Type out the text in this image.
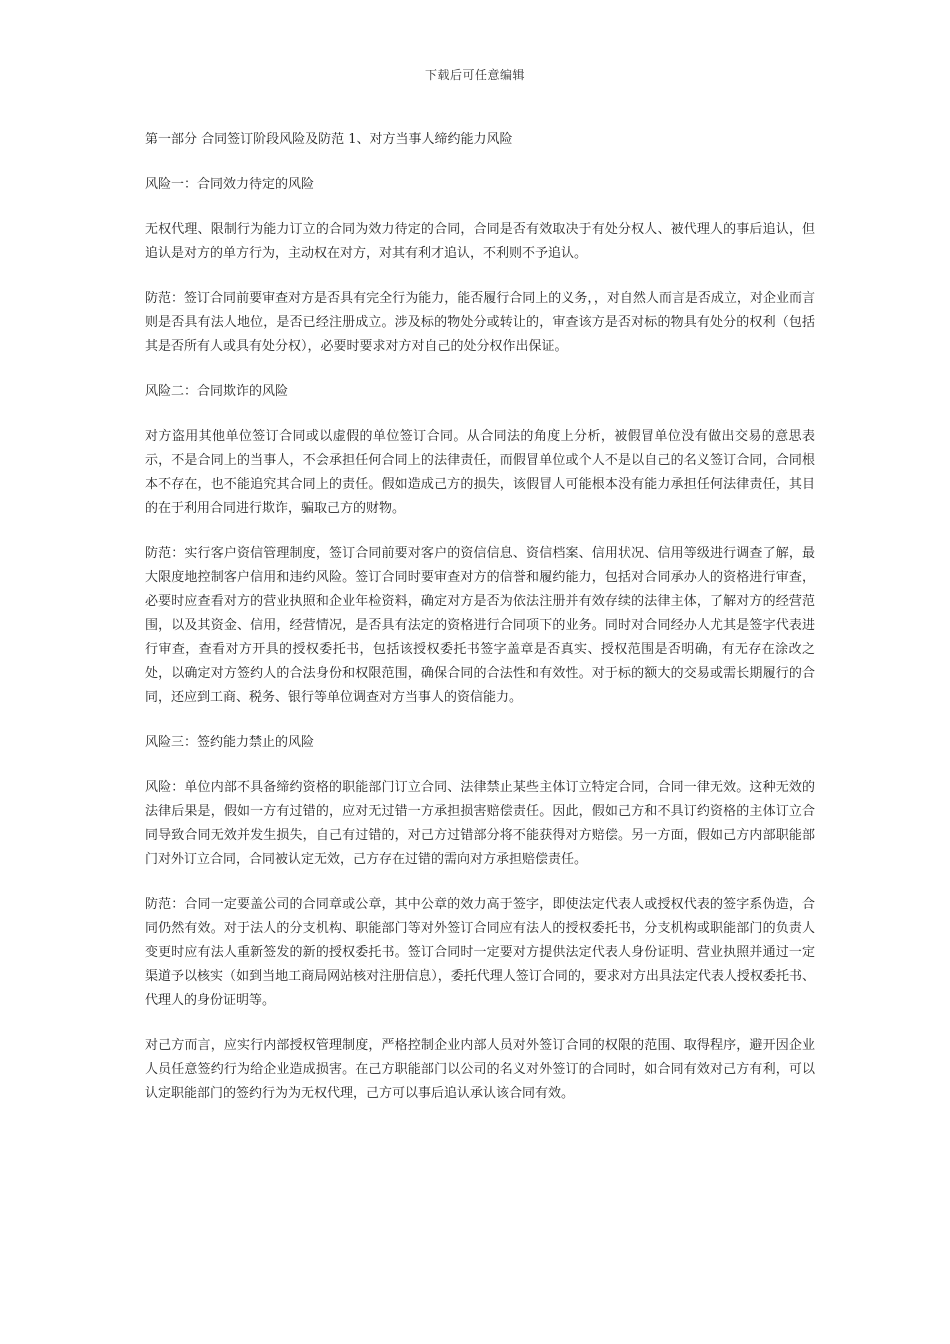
下载后可任意编辑

第一部分 合同签订阶段风险及防范 1、对方当事人缔约能力风险

风险一：合同效力待定的风险

无权代理、限制行为能力订立的合同为效力待定的合同，合同是否有效取决于有处分权人、被代理人的事后追认，但追认是对方的单方行为，主动权在对方，对其有利才追认，不利则不予追认。

防范：签订合同前要审查对方是否具有完全行为能力，能否履行合同上的义务，，对自然人而言是否成立，对企业而言则是否具有法人地位，是否已经注册成立。涉及标的物处分或转让的，审查该方是否对标的物具有处分的权利（包括其是否所有人或具有处分权），必要时要求对方对自己的处分权作出保证。

风险二：合同欺诈的风险

对方盗用其他单位签订合同或以虚假的单位签订合同。从合同法的角度上分析，被假冒单位没有做出交易的意思表示，不是合同上的当事人，不会承担任何合同上的法律责任，而假冒单位或个人不是以自己的名义签订合同，合同根本不存在，也不能追究其合同上的责任。假如造成己方的损失，该假冒人可能根本没有能力承担任何法律责任，其目的在于利用合同进行欺诈，骗取己方的财物。

防范：实行客户资信管理制度，签订合同前要对客户的资信信息、资信档案、信用状况、信用等级进行调查了解，最大限度地控制客户信用和违约风险。签订合同时要审查对方的信誉和履约能力，包括对合同承办人的资格进行审查，必要时应查看对方的营业执照和企业年检资料，确定对方是否为依法注册并有效存续的法律主体，了解对方的经营范围，以及其资金、信用，经营情况，是否具有法定的资格进行合同项下的业务。同时对合同经办人尤其是签字代表进行审查，查看对方开具的授权委托书，包括该授权委托书签字盖章是否真实、授权范围是否明确，有无存在涂改之处，以确定对方签约人的合法身份和权限范围，确保合同的合法性和有效性。对于标的额大的交易或需长期履行的合同，还应到工商、税务、银行等单位调查对方当事人的资信能力。

风险三：签约能力禁止的风险

风险：单位内部不具备缔约资格的职能部门订立合同、法律禁止某些主体订立特定合同，合同一律无效。这种无效的法律后果是，假如一方有过错的，应对无过错一方承担损害赔偿责任。因此，假如己方和不具订约资格的主体订立合同导致合同无效并发生损失，自己有过错的，对己方过错部分将不能获得对方赔偿。另一方面，假如己方内部职能部门对外订立合同，合同被认定无效，己方存在过错的需向对方承担赔偿责任。

防范：合同一定要盖公司的合同章或公章，其中公章的效力高于签字，即使法定代表人或授权代表的签字系伪造，合同仍然有效。对于法人的分支机构、职能部门等对外签订合同应有法人的授权委托书，分支机构或职能部门的负责人变更时应有法人重新签发的新的授权委托书。签订合同时一定要对方提供法定代表人身份证明、营业执照并通过一定渠道予以核实（如到当地工商局网站核对注册信息），委托代理人签订合同的，要求对方出具法定代表人授权委托书、代理人的身份证明等。

对己方而言，应实行内部授权管理制度，严格控制企业内部人员对外签订合同的权限的范围、取得程序，避开因企业人员任意签约行为给企业造成损害。在己方职能部门以公司的名义对外签订的合同时，如合同有效对己方有利，可以认定职能部门的签约行为为无权代理，己方可以事后追认承认该合同有效。
